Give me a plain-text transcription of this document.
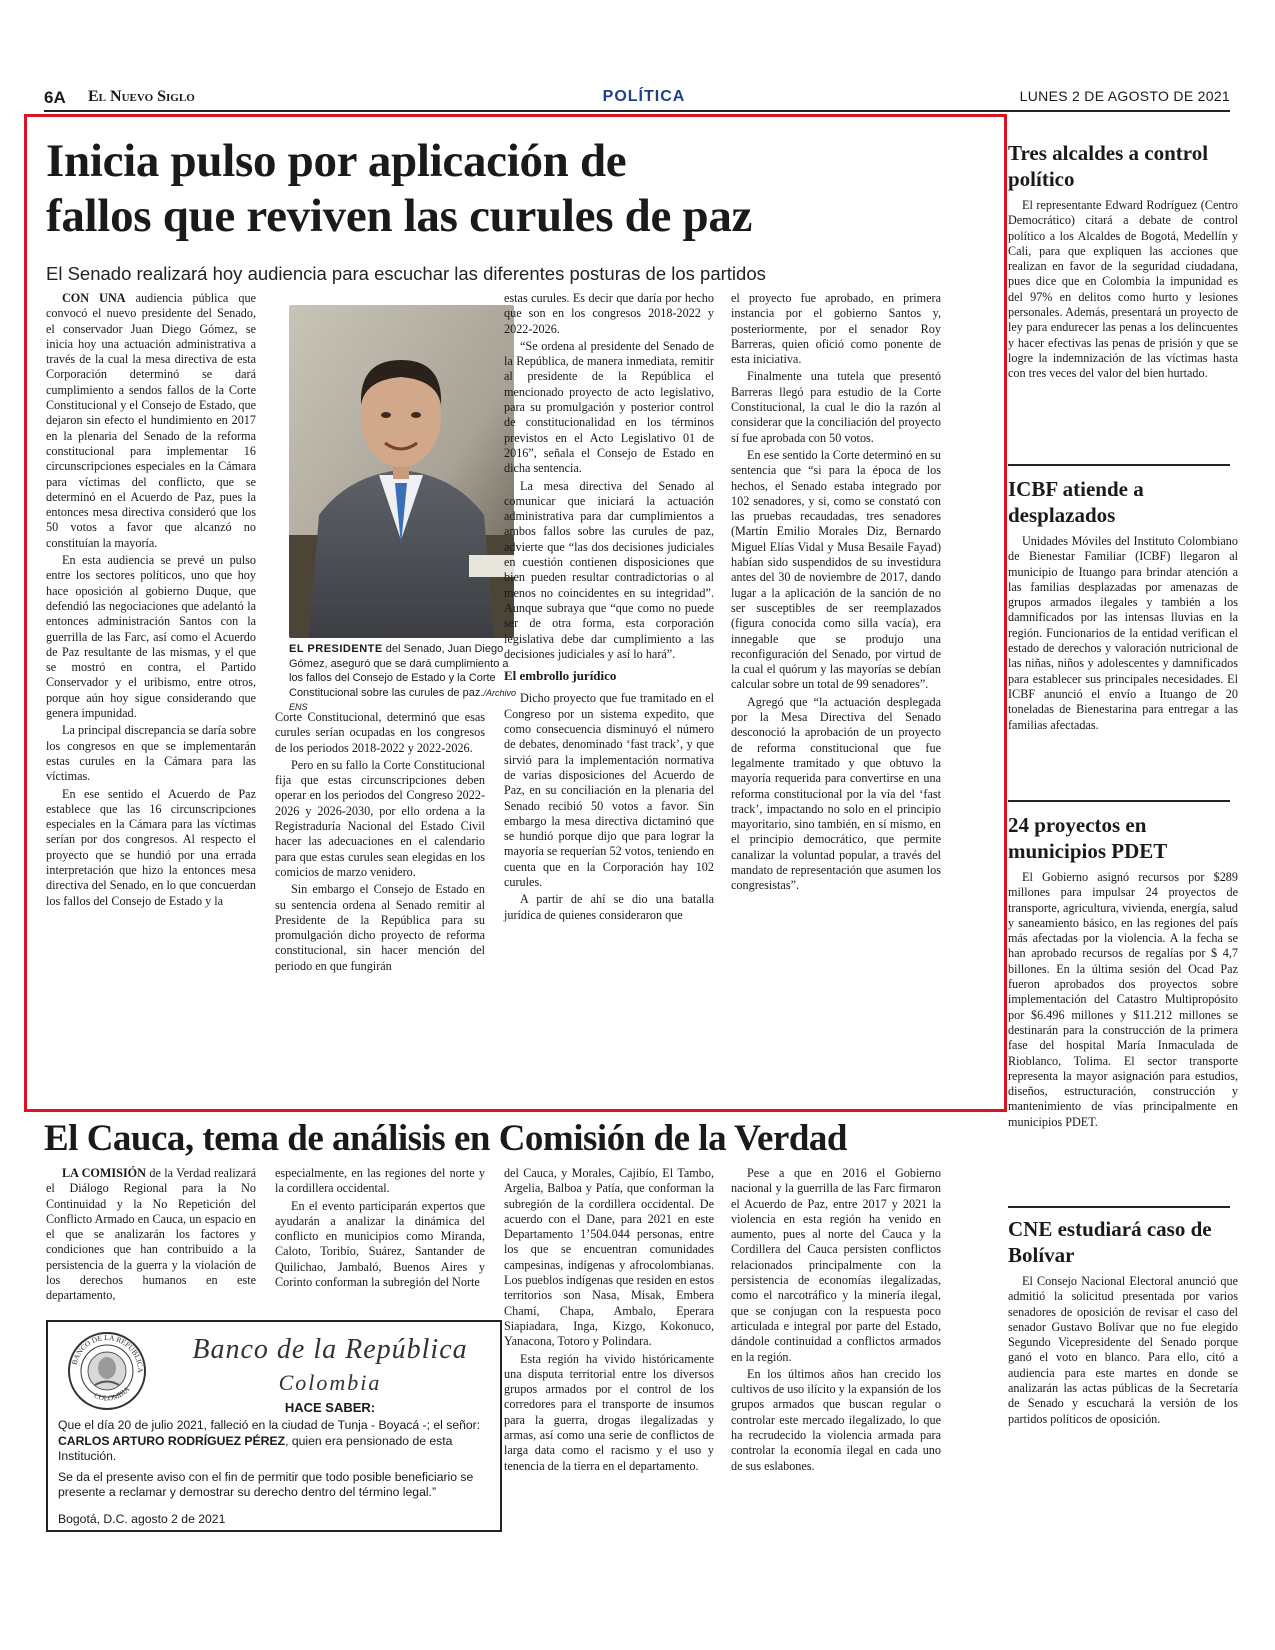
6A El Nuevo Siglo	POLÍTICA	LUNES 2 DE AGOSTO DE 2021
Inicia pulso por aplicación de
fallos que reviven las curules de paz
El Senado realizará hoy audiencia para escuchar las diferentes posturas de los partidos

CON UNA audiencia pública que convocó el nuevo presidente del Senado, el conservador Juan Diego Gómez, se inicia hoy una actuación administrativa a través de la cual la mesa directiva de esta Corporación determinó se dará cumplimiento a sendos fallos de la Corte Constitucional y el Consejo de Estado, que dejaron sin efecto el hundimiento en 2017 en la plenaria del Senado de la reforma constitucional para implementar 16 circunscripciones especiales en la Cámara para víctimas del conflicto, que se determinó en el Acuerdo de Paz, pues la entonces mesa directiva consideró que los 50 votos a favor que alcanzó no constituían la mayoría.

En esta audiencia se prevé un pulso entre los sectores políticos, uno que hoy hace oposición al gobierno Duque, que defendió las negociaciones que adelantó la entonces administración Santos con la guerrilla de las Farc, así como el Acuerdo de Paz resultante de las mismas, y el que se mostró en contra, el Partido Conservador y el uribismo, entre otros, porque aún hoy sigue considerando que genera impunidad.

La principal discrepancia se daría sobre los congresos en que se implementarán estas curules en la Cámara para las víctimas.

En ese sentido el Acuerdo de Paz establece que las 16 circunscripciones especiales en la Cámara para las víctimas serían por dos congresos. Al respecto el proyecto que se hundió por una errada interpretación que hizo la entonces mesa directiva del Senado, en lo que concuerdan los fallos del Consejo de Estado y la

EL PRESIDENTE del Senado, Juan Diego Gómez, aseguró que se dará cumplimiento a los fallos del Consejo de Estado y la Corte Constitucional sobre las curules de paz./Archivo ENS

Corte Constitucional, determinó que esas curules serían ocupadas en los congresos de los periodos 2018-2022 y 2022-2026.

Pero en su fallo la Corte Constitucional fija que estas circunscripciones deben operar en los periodos del Congreso 2022-2026 y 2026-2030, por ello ordena a la Registraduría Nacional del Estado Civil hacer las adecuaciones en el calendario para que estas curules sean elegidas en los comicios de marzo venidero.

Sin embargo el Consejo de Estado en su sentencia ordena al Senado remitir al Presidente de la República para su promulgación dicho proyecto de reforma constitucional, sin hacer mención del periodo en que fungirán

estas curules. Es decir que daría por hecho que son en los congresos 2018-2022 y 2022-2026.

“Se ordena al presidente del Senado de la República, de manera inmediata, remitir al presidente de la República el mencionado proyecto de acto legislativo, para su promulgación y posterior control de constitucionalidad en los términos previstos en el Acto Legislativo 01 de 2016”, señala el Consejo de Estado en dicha sentencia.

La mesa directiva del Senado al comunicar que iniciará la actuación administrativa para dar cumplimientos a ambos fallos sobre las curules de paz, advierte que “las dos decisiones judiciales en cuestión contienen disposiciones que bien pueden resultar contradictorias o al menos no coincidentes en su integridad”. Aunque subraya que “que como no puede ser de otra forma, esta corporación legislativa debe dar cumplimiento a las decisiones judiciales y así lo hará”.

El embrollo jurídico

Dicho proyecto que fue tramitado en el Congreso por un sistema expedito, que como consecuencia disminuyó el número de debates, denominado ‘fast track’, y que sirvió para la implementación normativa de varias disposiciones del Acuerdo de Paz, en su conciliación en la plenaria del Senado recibió 50 votos a favor. Sin embargo la mesa directiva dictaminó que se hundió porque dijo que para lograr la mayoría se requerían 52 votos, teniendo en cuenta que en la Corporación hay 102 curules.

A partir de ahí se dio una batalla jurídica de quienes consideraron que

el proyecto fue aprobado, en primera instancia por el gobierno Santos y, posteriormente, por el senador Roy Barreras, quien ofició como ponente de esta iniciativa.

Finalmente una tutela que presentó Barreras llegó para estudio de la Corte Constitucional, la cual le dio la razón al considerar que la conciliación del proyecto sí fue aprobada con 50 votos.

En ese sentido la Corte determinó en su sentencia que “si para la época de los hechos, el Senado estaba integrado por 102 senadores, y si, como se constató con las pruebas recaudadas, tres senadores (Martín Emilio Morales Diz, Bernardo Miguel Elías Vidal y Musa Besaile Fayad) habían sido suspendidos de su investidura antes del 30 de noviembre de 2017, dando lugar a la aplicación de la sanción de no ser susceptibles de ser reemplazados (figura conocida como silla vacía), era innegable que se produjo una reconfiguración del Senado, por virtud de la cual el quórum y las mayorías se debían calcular sobre un total de 99 senadores”.

Agregó que “la actuación desplegada por la Mesa Directiva del Senado desconoció la aprobación de un proyecto de reforma constitucional que fue legalmente tramitado y que obtuvo la mayoría requerida para convertirse en una reforma constitucional por la vía del ‘fast track’, impactando no solo en el principio mayoritario, sino también, en sí mismo, en el principio democrático, que permite canalizar la voluntad popular, a través del mandato de representación que asumen los congresistas”.

Tres alcaldes a control político

El representante Edward Rodríguez (Centro Democrático) citará a debate de control político a los Alcaldes de Bogotá, Medellín y Cali, para que expliquen las acciones que realizan en favor de la seguridad ciudadana, pues dice que en Colombia la impunidad es del 97% en delitos como hurto y lesiones personales. Además, presentará un proyecto de ley para endurecer las penas a los delincuentes y hacer efectivas las penas de prisión y que se logre la indemnización de las víctimas hasta con tres veces del valor del bien hurtado.

ICBF atiende a desplazados

Unidades Móviles del Instituto Colombiano de Bienestar Familiar (ICBF) llegaron al municipio de Ituango para brindar atención a las familias desplazadas por amenazas de grupos armados ilegales y también a los damnificados por las intensas lluvias en la región. Funcionarios de la entidad verifican el estado de derechos y valoración nutricional de las niñas, niños y adolescentes y damnificados para establecer sus principales necesidades. El ICBF anunció el envío a Ituango de 20 toneladas de Bienestarina para entregar a las familias afectadas.

24 proyectos en municipios PDET

El Gobierno asignó recursos por $289 millones para impulsar 24 proyectos de transporte, agricultura, vivienda, energía, salud y saneamiento básico, en las regiones del país más afectadas por la violencia. A la fecha se han aprobado recursos de regalías por $ 4,7 billones. En la última sesión del Ocad Paz fueron aprobados dos proyectos sobre implementación del Catastro Multipropósito por $6.496 millones y $11.212 millones se destinarán para la construcción de la primera fase del hospital María Inmaculada de Rioblanco, Tolima. El sector transporte representa la mayor asignación para estudios, diseños, estructuración, construcción y mantenimiento de vías principalmente en municipios PDET.

CNE estudiará caso de Bolívar

El Consejo Nacional Electoral anunció que admitió la solicitud presentada por varios senadores de oposición de revisar el caso del senador Gustavo Bolívar que no fue elegido Segundo Vicepresidente del Senado porque ganó el voto en blanco. Para ello, citó a audiencia para este martes en donde se analizarán las actas públicas de la Secretaría de Senado y escuchará la versión de los partidos políticos de oposición.

El Cauca, tema de análisis en Comisión de la Verdad

LA COMISIÓN de la Verdad realizará el Diálogo Regional para la No Continuidad y la No Repetición del Conflicto Armado en Cauca, un espacio en el que se analizarán los factores y condiciones que han contribuido a la persistencia de la guerra y la violación de los derechos humanos en este departamento,

especialmente, en las regiones del norte y la cordillera occidental.

En el evento participarán expertos que ayudarán a analizar la dinámica del conflicto en municipios como Miranda, Caloto, Toribío, Suárez, Santander de Quilichao, Jambaló, Buenos Aires y Corinto conforman la subregión del Norte

del Cauca, y Morales, Cajibío, El Tambo, Argelia, Balboa y Patía, que conforman la subregión de la cordillera occidental. De acuerdo con el Dane, para 2021 en este Departamento 1’504.044 personas, entre los que se encuentran comunidades campesinas, indígenas y afrocolombianas. Los pueblos indígenas que residen en estos territorios son Nasa, Misak, Embera Chamí, Chapa, Ambalo, Eperara Siapiadara, Inga, Kizgo, Kokonuco, Yanacona, Totoro y Polindara.

Esta región ha vivido históricamente una disputa territorial entre los diversos grupos armados por el control de los corredores para el transporte de insumos para la guerra, drogas ilegalizadas y armas, así como una serie de conflictos de larga data como el racismo y el uso y tenencia de la tierra en el departamento.

Pese a que en 2016 el Gobierno nacional y la guerrilla de las Farc firmaron el Acuerdo de Paz, entre 2017 y 2021 la violencia en esta región ha venido en aumento, pues al norte del Cauca y la Cordillera del Cauca persisten conflictos relacionados principalmente con la persistencia de economías ilegalizadas, como el narcotráfico y la minería ilegal, que se conjugan con la respuesta poco articulada e integral por parte del Estado, dándole continuidad a conflictos armados en la región.

En los últimos años han crecido los cultivos de uso ilícito y la expansión de los grupos armados que buscan regular o controlar este mercado ilegalizado, lo que ha recrudecido la violencia armada para controlar la economía ilegal en cada uno de sus eslabones.

BANCO DE LA REPUBLICA
COLOMBIA
Banco de la República
Colombia
HACE SABER:

Que el día 20 de julio 2021, falleció en la ciudad de Tunja - Boyacá -; el señor: CARLOS ARTURO RODRÍGUEZ PÉREZ, quien era pensionado de esta Institución.

Se da el presente aviso con el fin de permitir que todo posible beneficiario se presente a reclamar y demostrar su derecho dentro del término legal.”

Bogotá, D.C. agosto 2 de 2021
